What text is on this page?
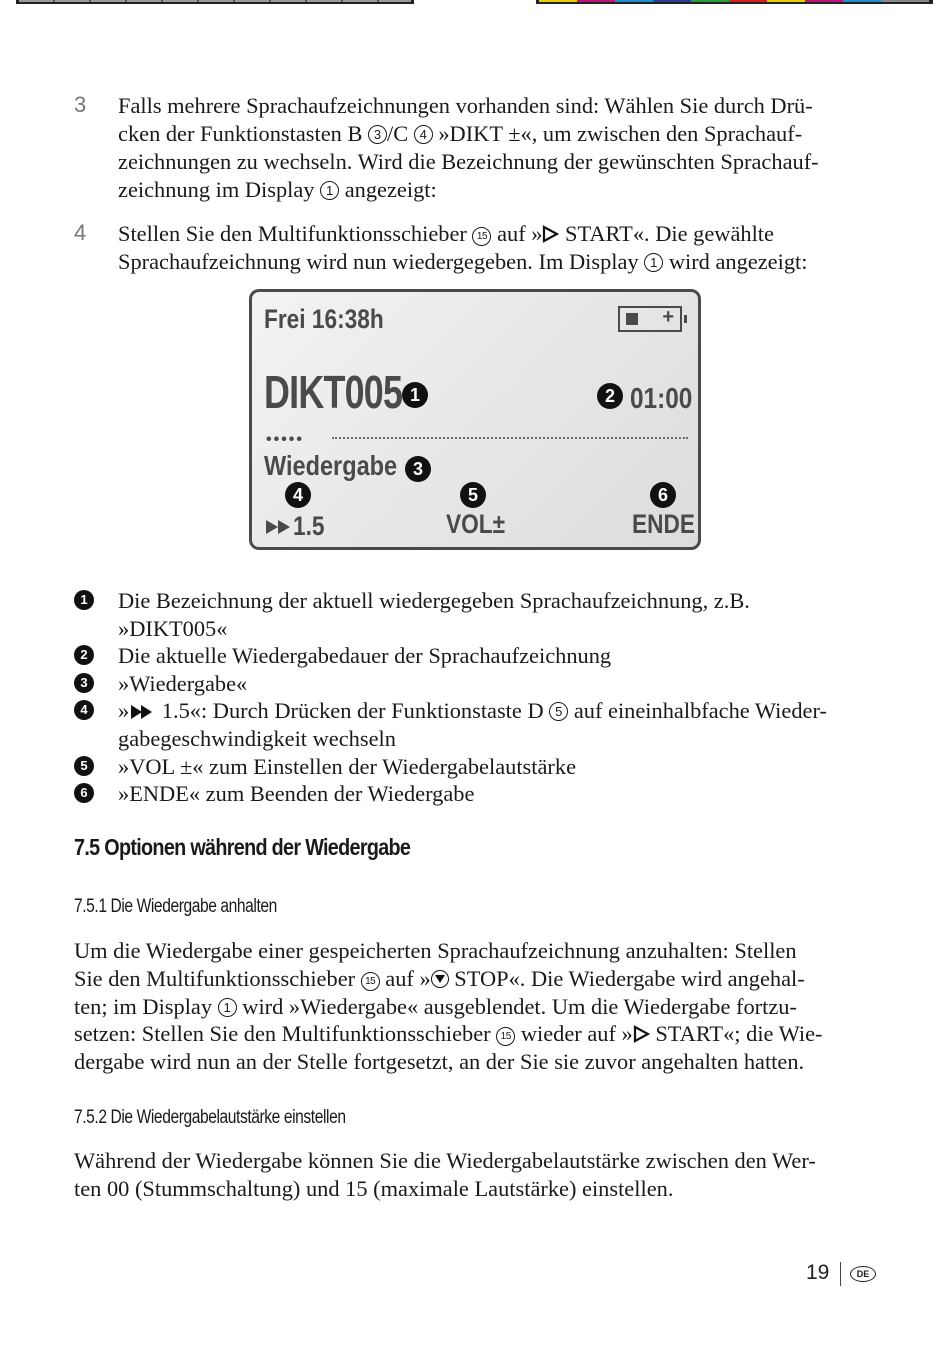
3 Falls mehrere Sprachaufzeichnungen vorhanden sind: Wählen Sie durch Drü-
cken der Funktionstasten B 3 /C 4 »DIKT ±«, um zwischen den Sprachauf-
zeichnungen zu wechseln. Wird die Bezeichnung der gewünschten Sprachauf-
zeichnung im Display 1 angezeigt:
4 Stellen Sie den Multifunktionsschieber 15 auf » START«. Die gewählte
Sprachaufzeichnung wird nun wiedergegeben. Im Display 1 wird angezeigt:
Frei 16:38h	+
DIKT005 1	2 01:00
•••••
Wiedergabe 3
4	5	6
1.5	VOL±	ENDE
1 Die Bezeichnung der aktuell wiedergegeben Sprachaufzeichnung, z.B.
»DIKT005«
2 Die aktuelle Wiedergabedauer der Sprachaufzeichnung
3 »Wiedergabe«
4 » 1.5«: Durch Drücken der Funktionstaste D 5 auf eineinhalbfache Wieder-
gabegeschwindigkeit wechseln
5 »VOL ±« zum Einstellen der Wiedergabelautstärke
6 »ENDE« zum Beenden der Wiedergabe
7.5 Optionen während der Wiedergabe
7.5.1 Die Wiedergabe anhalten
Um die Wiedergabe einer gespeicherten Sprachaufzeichnung anzuhalten: Stellen
Sie den Multifunktionsschieber 15 auf » STOP«. Die Wiedergabe wird angehal-
ten; im Display 1 wird »Wiedergabe« ausgeblendet. Um die Wiedergabe fortzu-
setzen: Stellen Sie den Multifunktionsschieber 15 wieder auf » START«; die Wie-
dergabe wird nun an der Stelle fortgesetzt, an der Sie sie zuvor angehalten hatten.
7.5.2 Die Wiedergabelautstärke einstellen
Während der Wiedergabe können Sie die Wiedergabelautstärke zwischen den Wer-
ten 00 (Stummschaltung) und 15 (maximale Lautstärke) einstellen.
19	DE
